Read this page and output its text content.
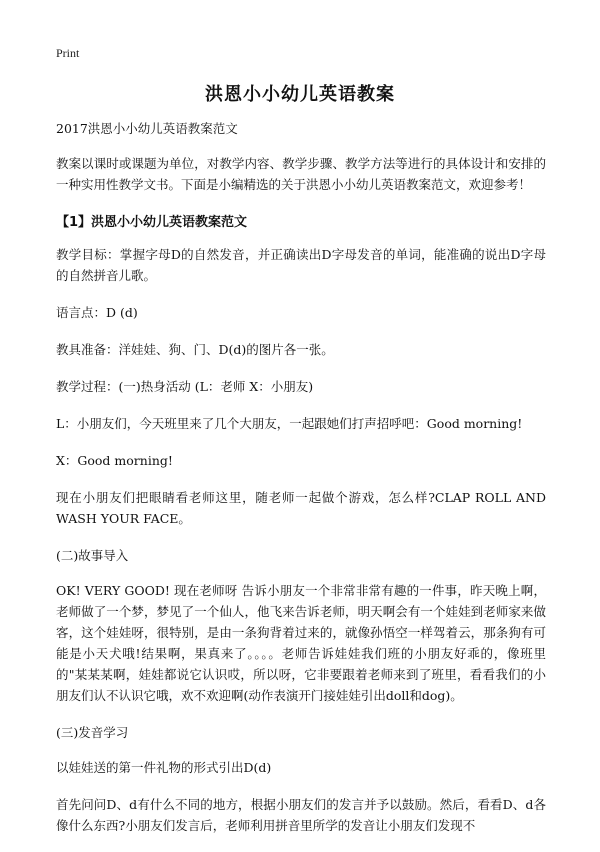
Print
洪恩小小幼儿英语教案

2017洪恩小小幼儿英语教案范文

教案以课时或课题为单位，对教学内容、教学步骤、教学方法等进行的具体设计和安排的一种实用性教学文书。下面是小编精选的关于洪恩小小幼儿英语教案范文，欢迎参考！

【1】洪恩小小幼儿英语教案范文

教学目标：掌握字母D的自然发音，并正确读出D字母发音的单词，能准确的说出D字母的自然拼音儿歌。

语言点：D (d)

教具准备：洋娃娃、狗、门、D(d)的图片各一张。

教学过程：(一)热身活动 (L：老师 X：小朋友)

L：小朋友们，今天班里来了几个大朋友，一起跟她们打声招呼吧：Good morning!

X：Good morning!

现在小朋友们把眼睛看老师这里，随老师一起做个游戏，怎么样?CLAP ROLL AND WASH YOUR FACE。

(二)故事导入

OK! VERY GOOD! 现在老师呀 告诉小朋友一个非常非常有趣的一件事，昨天晚上啊，老师做了一个梦，梦见了一个仙人，他飞来告诉老师，明天啊会有一个娃娃到老师家来做客，这个娃娃呀，很特别，是由一条狗背着过来的，就像孙悟空一样驾着云，那条狗有可能是小天犬哦!结果啊，果真来了。。。。老师告诉娃娃我们班的小朋友好乖的，像班里的"某某某啊，娃娃都说它认识哎，所以呀，它非要跟着老师来到了班里，看看我们的小朋友们认不认识它哦，欢不欢迎啊(动作表演开门接娃娃引出doll和dog)。

(三)发音学习

以娃娃送的第一件礼物的形式引出D(d)

首先问问D、d有什么不同的地方，根据小朋友们的发言并予以鼓励。然后，看看D、d各像什么东西?小朋友们发言后，老师利用拼音里所学的发音让小朋友们发现不
